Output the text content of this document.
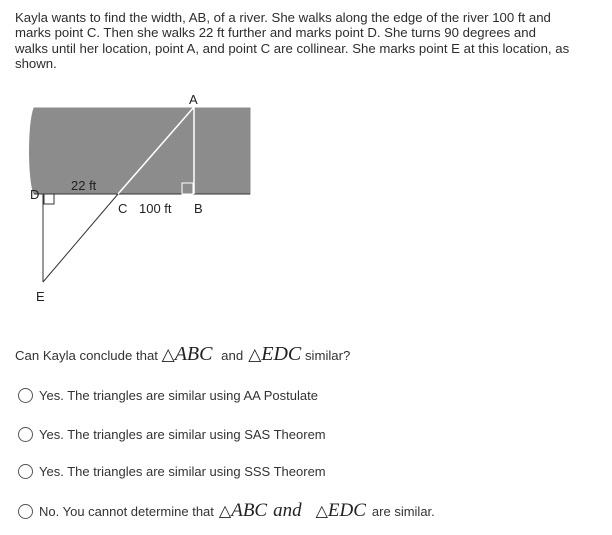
Kayla wants to find the width, AB, of a river. She walks along the edge of the river 100 ft and
marks point C. Then she walks 22 ft further and marks point D. She turns 90 degrees and
walks until her location, point A, and point C are collinear. She marks point E at this location, as
shown.
A
B
C 100 ft
D
22 ft
E
Can Kayla conclude that △ABC and △EDC similar?
Yes. The triangles are similar using AA Postulate
Yes. The triangles are similar using SAS Theorem
Yes. The triangles are similar using SSS Theorem
No. You cannot determine that △ABC and △EDC are similar.
